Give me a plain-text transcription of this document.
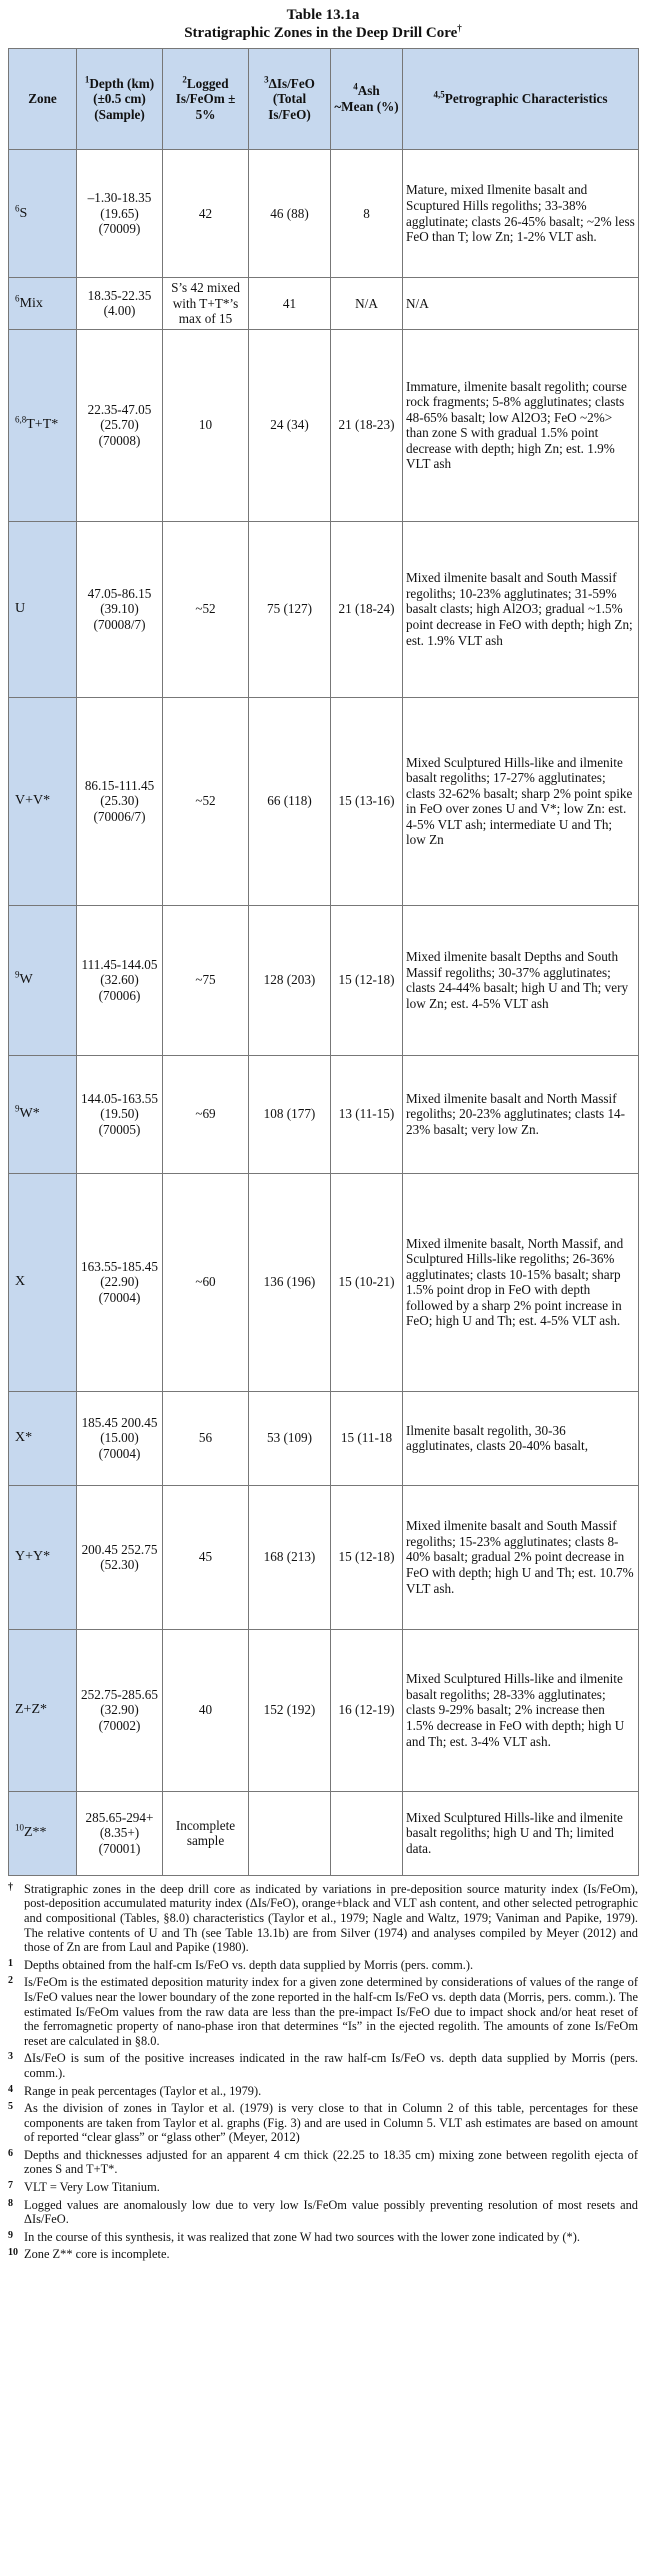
Table 13.1a
Stratigraphic Zones in the Deep Drill Core†
Zone	$^1$Depth (km) (±0.5 cm) (Sample)	$^2$Logged Is/FeOm ± 5%	$^3$ΔIs/FeO (Total Is/FeO)	$^4$Ash ~Mean (%)	$^{4,5}$Petrographic Characteristics
$^6$S	–1.30-18.35 (19.65) (70009)	42	46 (88)	8	Mature, mixed Ilmenite basalt and Scuptured Hills regoliths; 33-38% agglutinate; clasts 26-45% basalt; ~2% less FeO than T; low Zn; 1-2% VLT ash.
$^6$Mix	18.35-22.35 (4.00)	S’s 42 mixed with T+T*’s max of 15	41	N/A	N/A
$^{6,8}$T+T*	22.35-47.05 (25.70) (70008)	10	24 (34)	21 (18-23)	Immature, ilmenite basalt regolith; course rock fragments; 5-8% agglutinates; clasts 48-65% basalt; low Al2O3; FeO ~2%> than zone S with gradual 1.5% point decrease with depth; high Zn; est. 1.9% VLT ash
U	47.05-86.15 (39.10) (70008/7)	~52	75 (127)	21 (18-24)	Mixed ilmenite basalt and South Massif regoliths; 10-23% agglutinates; 31-59% basalt clasts; high Al2O3; gradual ~1.5% point decrease in FeO with depth; high Zn; est. 1.9% VLT ash
V+V*	86.15-111.45 (25.30) (70006/7)	~52	66 (118)	15 (13-16)	Mixed Sculptured Hills-like and ilmenite basalt regoliths; 17-27% agglutinates; clasts 32-62% basalt; sharp 2% point spike in FeO over zones U and V*; low Zn: est. 4-5% VLT ash; intermediate U and Th; low Zn
$^9$W	111.45-144.05 (32.60) (70006)	~75	128 (203)	15 (12-18)	Mixed ilmenite basalt Depths and South Massif regoliths; 30-37% agglutinates; clasts 24-44% basalt; high U and Th; very low Zn; est. 4-5% VLT ash
$^9$W*	144.05-163.55 (19.50) (70005)	~69	108 (177)	13 (11-15)	Mixed ilmenite basalt and North Massif regoliths; 20-23% agglutinates; clasts 14-23% basalt; very low Zn.
X	163.55-185.45 (22.90) (70004)	~60	136 (196)	15 (10-21)	Mixed ilmenite basalt, North Massif, and Sculptured Hills-like regoliths; 26-36% agglutinates; clasts 10-15% basalt; sharp 1.5% point drop in FeO with depth followed by a sharp 2% point increase in FeO; high U and Th; est. 4-5% VLT ash.
X*	185.45 200.45 (15.00) (70004)	56	53 (109)	15 (11-18	Ilmenite basalt regolith, 30-36 agglutinates, clasts 20-40% basalt,
Y+Y*	200.45 252.75 (52.30)	45	168 (213)	15 (12-18)	Mixed ilmenite basalt and South Massif regoliths; 15-23% agglutinates; clasts 8-40% basalt; gradual 2% point decrease in FeO with depth; high U and Th; est. 10.7% VLT ash.
Z+Z*	252.75-285.65 (32.90) (70002)	40	152 (192)	16 (12-19)	Mixed Sculptured Hills-like and ilmenite basalt regoliths; 28-33% agglutinates; clasts 9-29% basalt; 2% increase then 1.5% decrease in FeO with depth; high U and Th; est. 3-4% VLT ash.
$^{10}$Z**	285.65-294+ (8.35+) (70001)	Incomplete sample			Mixed Sculptured Hills-like and ilmenite basalt regoliths; high U and Th; limited data.
† Stratigraphic zones in the deep drill core as indicated by variations in pre-deposition source maturity index (Is/FeOm), post-deposition accumulated maturity index (ΔIs/FeO), orange+black and VLT ash content, and other selected petrographic and compositional (Tables, §8.0) characteristics (Taylor et al., 1979; Nagle and Waltz, 1979; Vaniman and Papike, 1979). The relative contents of U and Th (see Table 13.1b) are from Silver (1974) and analyses compiled by Meyer (2012) and those of Zn are from Laul and Papike (1980).
1 Depths obtained from the half-cm Is/FeO vs. depth data supplied by Morris (pers. comm.).
2 Is/FeOm is the estimated deposition maturity index for a given zone determined by considerations of values of the range of Is/FeO values near the lower boundary of the zone reported in the half-cm Is/FeO vs. depth data (Morris, pers. comm.). The estimated Is/FeOm values from the raw data are less than the pre-impact Is/FeO due to impact shock and/or heat reset of the ferromagnetic property of nano-phase iron that determines “Is” in the ejected regolith. The amounts of zone Is/FeOm reset are calculated in §8.0.
3 ΔIs/FeO is sum of the positive increases indicated in the raw half-cm Is/FeO vs. depth data supplied by Morris (pers. comm.).
4 Range in peak percentages (Taylor et al., 1979).
5 As the division of zones in Taylor et al. (1979) is very close to that in Column 2 of this table, percentages for these components are taken from Taylor et al. graphs (Fig. 3) and are used in Column 5. VLT ash estimates are based on amount of reported “clear glass” or “glass other” (Meyer, 2012)
6 Depths and thicknesses adjusted for an apparent 4 cm thick (22.25 to 18.35 cm) mixing zone between regolith ejecta of zones S and T+T*.
7 VLT = Very Low Titanium.
8 Logged values are anomalously low due to very low Is/FeOm value possibly preventing resolution of most resets and ΔIs/FeO.
9 In the course of this synthesis, it was realized that zone W had two sources with the lower zone indicated by (*).
10 Zone Z** core is incomplete.
